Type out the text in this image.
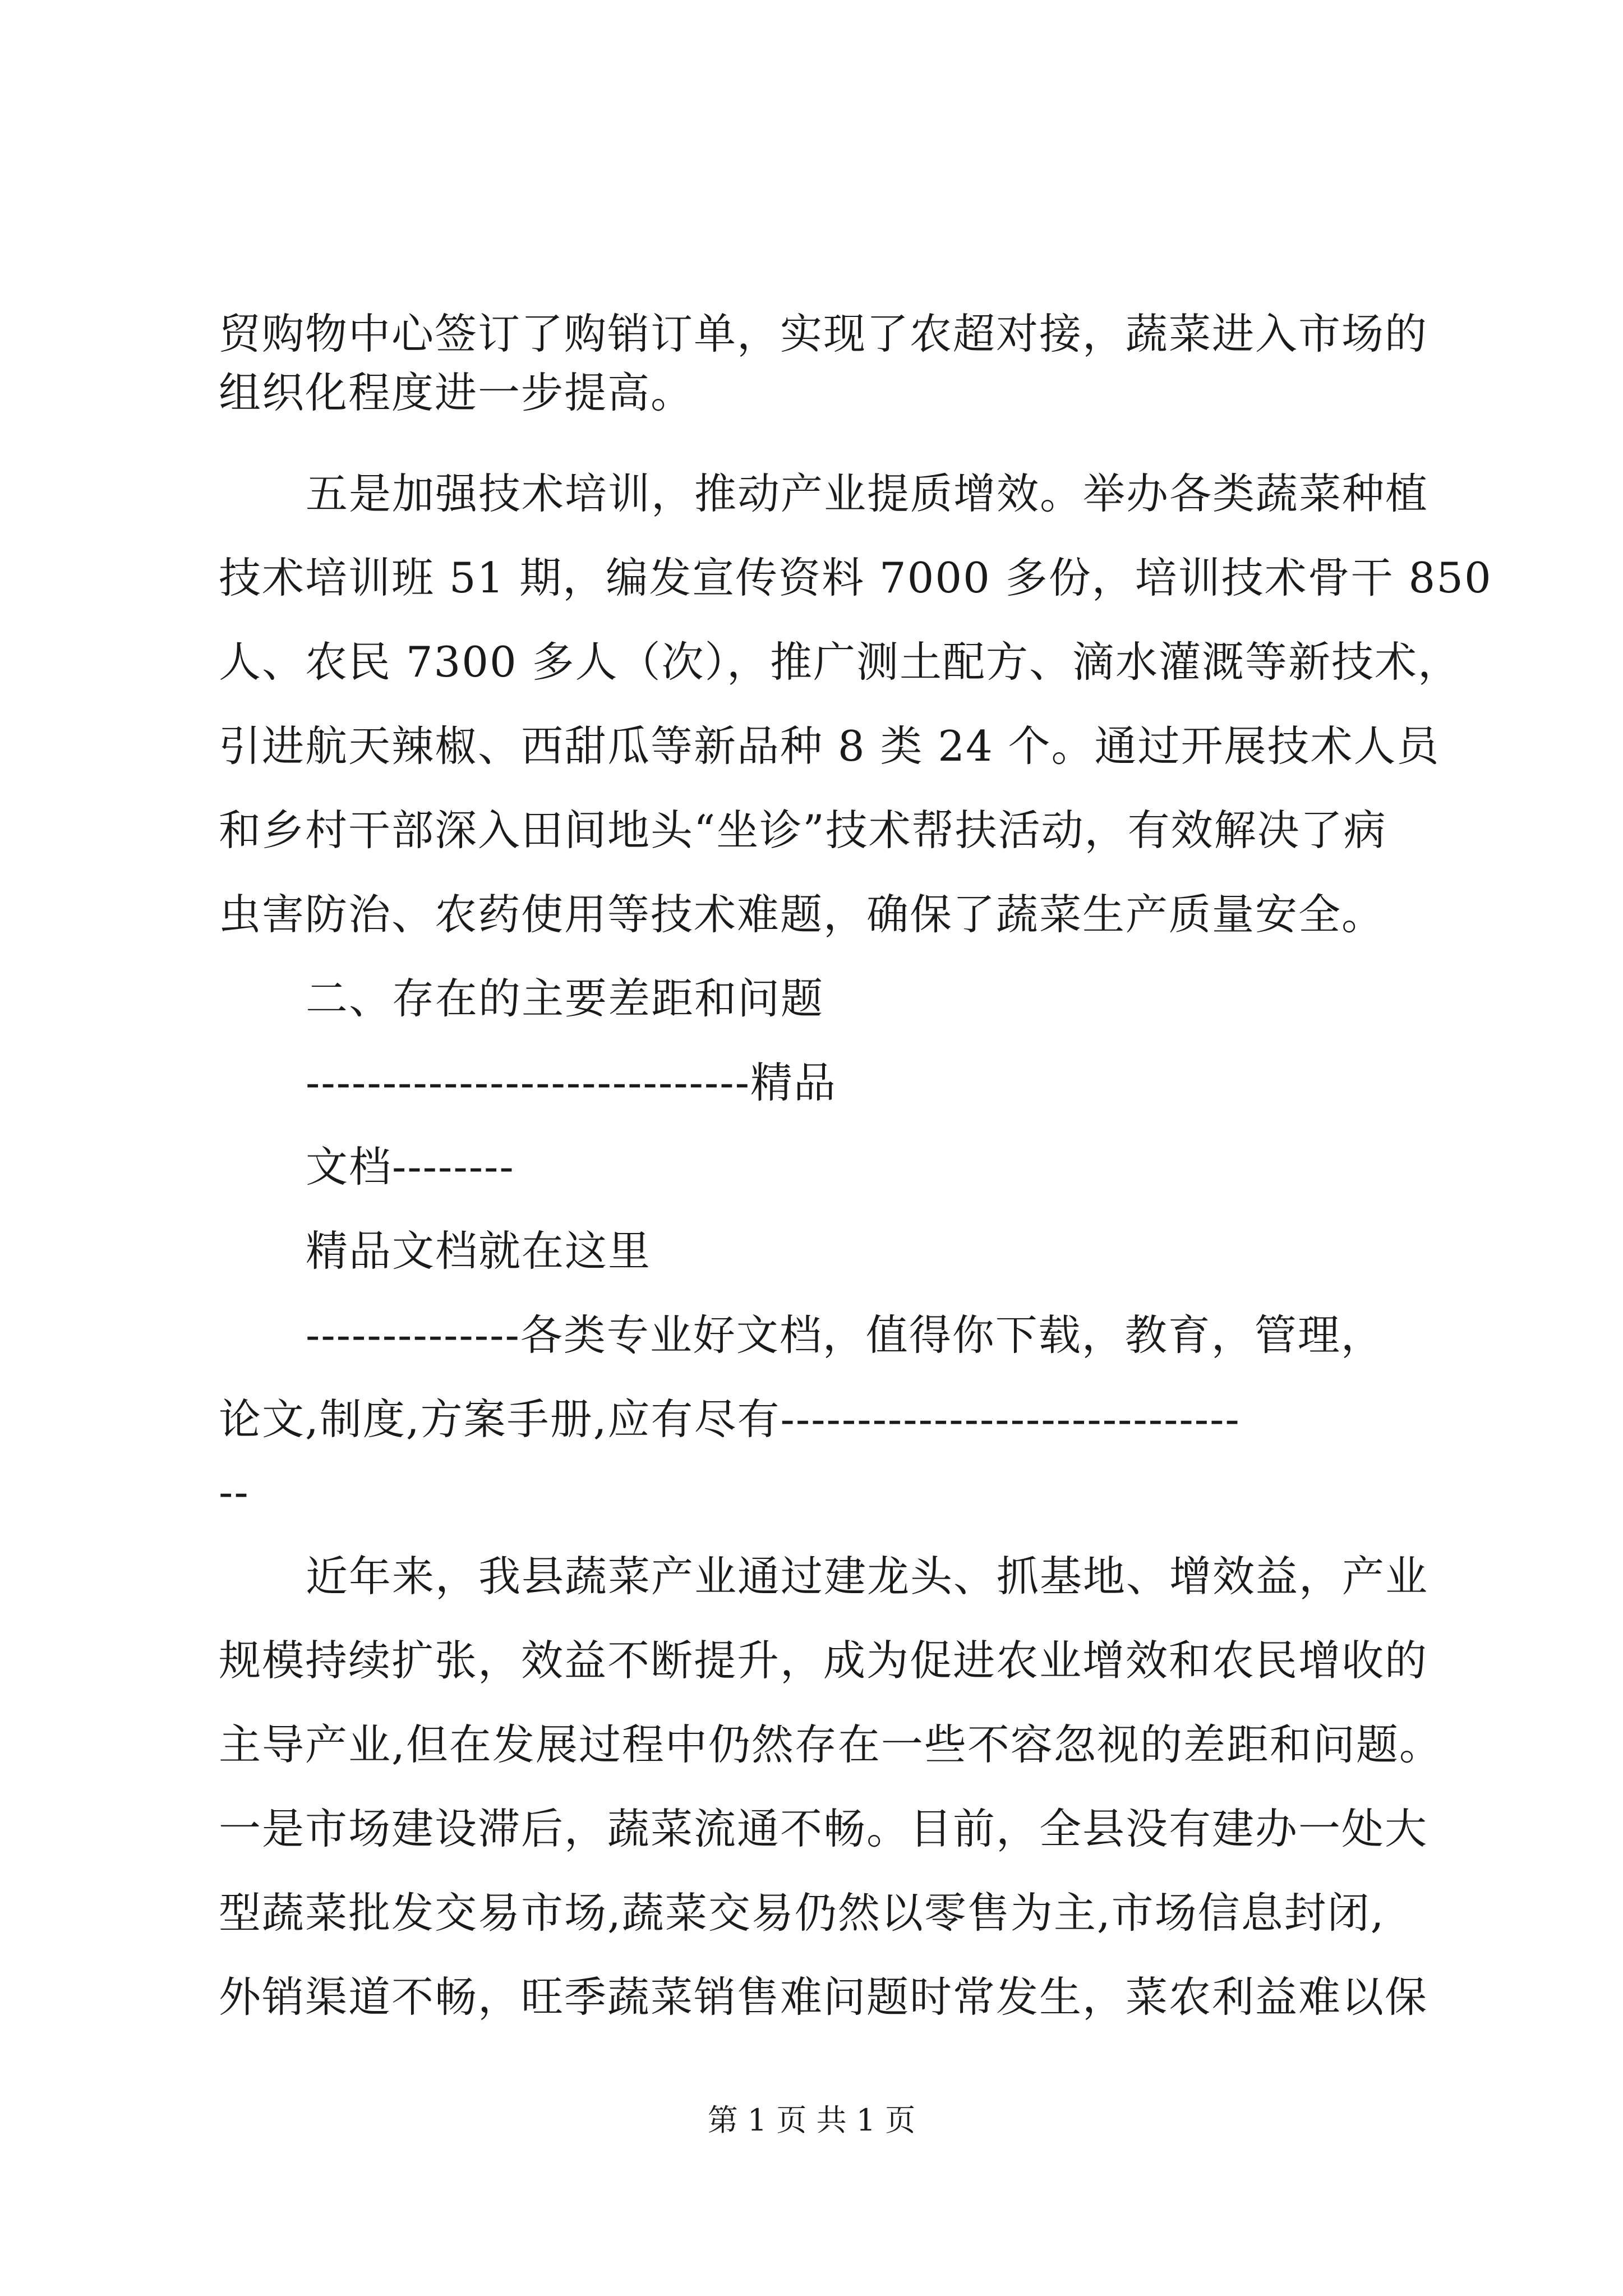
贸购物中心签订了购销订单，实现了农超对接，蔬菜进入市场的
组织化程度进一步提高。
五是加强技术培训，推动产业提质增效。举办各类蔬菜种植
技术培训班 51 期，编发宣传资料 7000 多份，培训技术骨干 850
人、农民 7300 多人（次），推广测土配方、滴水灌溉等新技术，
引进航天辣椒、西甜瓜等新品种 8 类 24 个。通过开展技术人员
和乡村干部深入田间地头“坐诊”技术帮扶活动，有效解决了病
虫害防治、农药使用等技术难题，确保了蔬菜生产质量安全。
二、存在的主要差距和问题
-----------------------------精品
文档--------
精品文档就在这里
--------------各类专业好文档，值得你下载，教育，管理，
论文,制度,方案手册,应有尽有------------------------------
--
近年来，我县蔬菜产业通过建龙头、抓基地、增效益，产业
规模持续扩张，效益不断提升，成为促进农业增效和农民增收的
主导产业,但在发展过程中仍然存在一些不容忽视的差距和问题。
一是市场建设滞后，蔬菜流通不畅。目前，全县没有建办一处大
型蔬菜批发交易市场,蔬菜交易仍然以零售为主,市场信息封闭,
外销渠道不畅，旺季蔬菜销售难问题时常发生，菜农利益难以保
第 1 页 共 1 页
